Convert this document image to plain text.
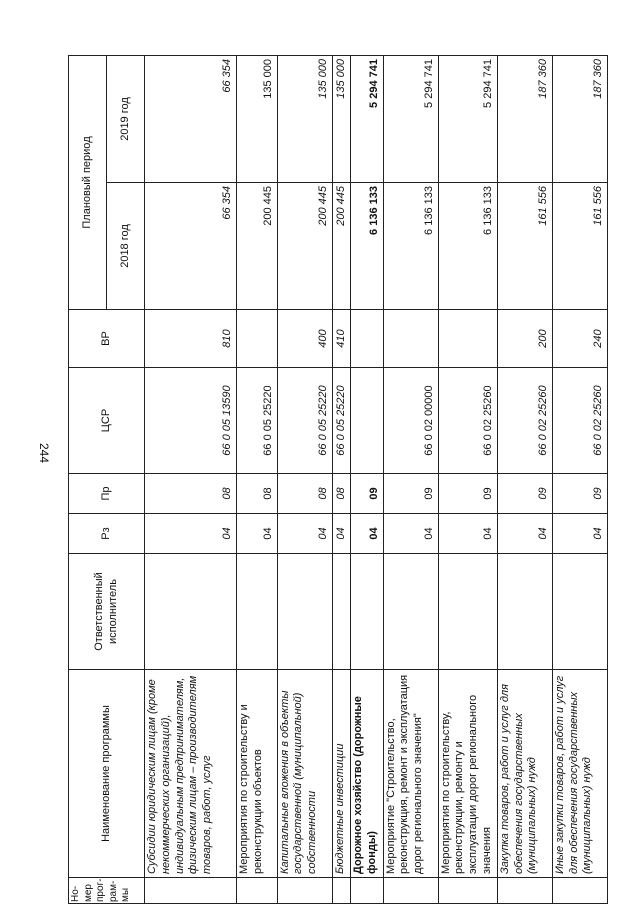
244
Но-
мер
прог-
рам-
мы	Наименование программы	Ответственный исполнитель	Рз	Пр	ЦСР	ВР	Плановый период	
							2018 год	2019 год
	Субсидии юридическим лицам (кроме некоммерческих организаций), индивидуальным предпринимателям, физическим лицам – производителям товаров, работ, услуг		04	08	66 0 05 13590	810	66 354	66 354
	Мероприятия по строительству и реконструкции объектов		04	08	66 0 05 25220		200 445	135 000
	Капитальные вложения в объекты государственной (муниципальной) собственности		04	08	66 0 05 25220	400	200 445	135 000
	Бюджетные инвестиции		04	08	66 0 05 25220	410	200 445	135 000
	Дорожное хозяйство (дорожные фонды)		04	09			6 136 133	5 294 741
	Мероприятие "Строительство, реконструкция, ремонт и эксплуатация дорог регионального значения"		04	09	66 0 02 00000		6 136 133	5 294 741
	Мероприятия по строительству, реконструкции, ремонту и эксплуатации дорог регионального значения		04	09	66 0 02 25260		6 136 133	5 294 741
	Закупка товаров, работ и услуг для обеспечения государственных (муниципальных) нужд		04	09	66 0 02 25260	200	161 556	187 360
	Иные закупки товаров, работ и услуг для обеспечения государственных (муниципальных) нужд		04	09	66 0 02 25260	240	161 556	187 360
